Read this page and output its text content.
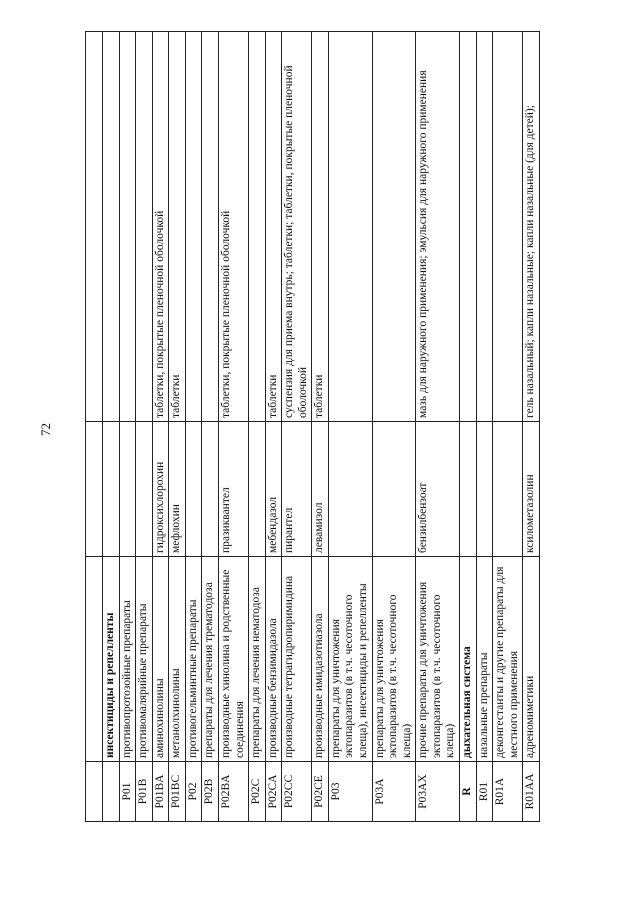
72

	инсектициды и репелленты		
P01	противопротозойные препараты		
P01B	противомалярийные препараты		
P01BA	аминохинолины	гидроксихлорохин	таблетки, покрытые пленочной оболочкой
P01BC	метанолхинолины	мефлохин	таблетки
P02	противогельминтные препараты		
P02B	препараты для лечения трематодоза		
P02BA	производные хинолина и родственные соединения	празиквантел	таблетки, покрытые пленочной оболочкой
P02C	препараты для лечения нематодоза		
P02CA	производные бензимидазола	мебендазол	таблетки
P02CC	производные тетрагидропиримидина	пирантел	суспензия для приема внутрь; таблетки; таблетки, покрытые пленочной оболочкой
P02CE	производные имидазотиазола	левамизол	таблетки
P03	препараты для уничтожения эктопаразитов (в т.ч. чесоточного клеща), инсектициды и репелленты		
P03A	препараты для уничтожения эктопаразитов (в т.ч. чесоточного клеща)		
P03AX	прочие препараты для уничтожения эктопаразитов (в т.ч. чесоточного клеща)	бензилбензоат	мазь для наружного применения; эмульсия для наружного применения
R	дыхательная система		
R01	назальные препараты		
R01A	деконгестанты и другие препараты для местного применения		
R01AA	адреномиметики	ксилометазолин	гель назальный; капли назальные; капли назальные (для детей);
